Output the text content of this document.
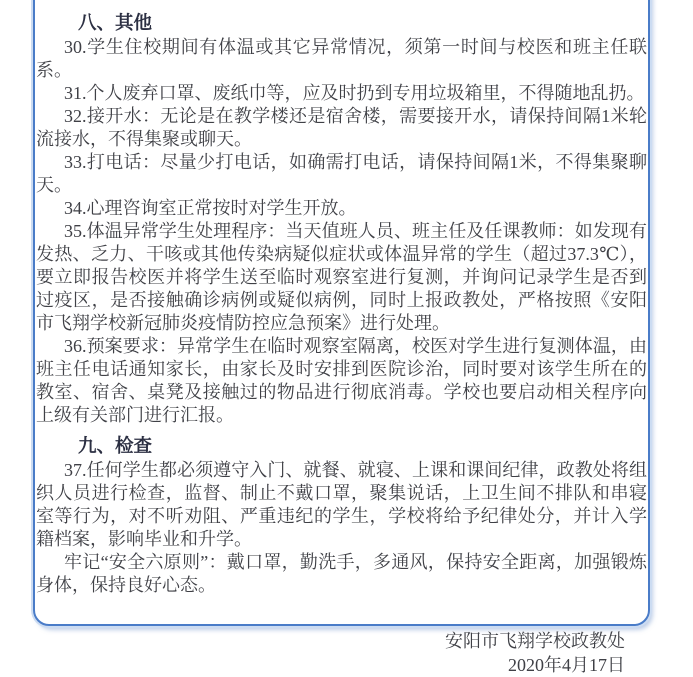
八、其他

30.学生住校期间有体温或其它异常情况，须第一时间与校医和班主任联系。

31.个人废弃口罩、废纸巾等，应及时扔到专用垃圾箱里，不得随地乱扔。

32.接开水：无论是在教学楼还是宿舍楼，需要接开水，请保持间隔1米轮流接水，不得集聚或聊天。

33.打电话：尽量少打电话，如确需打电话，请保持间隔1米，不得集聚聊天。

34.心理咨询室正常按时对学生开放。

35.体温异常学生处理程序：当天值班人员、班主任及任课教师：如发现有发热、乏力、干咳或其他传染病疑似症状或体温异常的学生（超过37.3℃），要立即报告校医并将学生送至临时观察室进行复测，并询问记录学生是否到过疫区，是否接触确诊病例或疑似病例，同时上报政教处，严格按照《安阳市飞翔学校新冠肺炎疫情防控应急预案》进行处理。

36.预案要求：异常学生在临时观察室隔离，校医对学生进行复测体温，由班主任电话通知家长，由家长及时安排到医院诊治，同时要对该学生所在的教室、宿舍、桌凳及接触过的物品进行彻底消毒。学校也要启动相关程序向上级有关部门进行汇报。

九、检查

37.任何学生都必须遵守入门、就餐、就寝、上课和课间纪律，政教处将组织人员进行检查，监督、制止不戴口罩，聚集说话，上卫生间不排队和串寝室等行为，对不听劝阻、严重违纪的学生，学校将给予纪律处分，并计入学籍档案，影响毕业和升学。

牢记“安全六原则”：戴口罩，勤洗手，多通风，保持安全距离，加强锻炼身体，保持良好心态。

安阳市飞翔学校政教处

2020年4月17日
